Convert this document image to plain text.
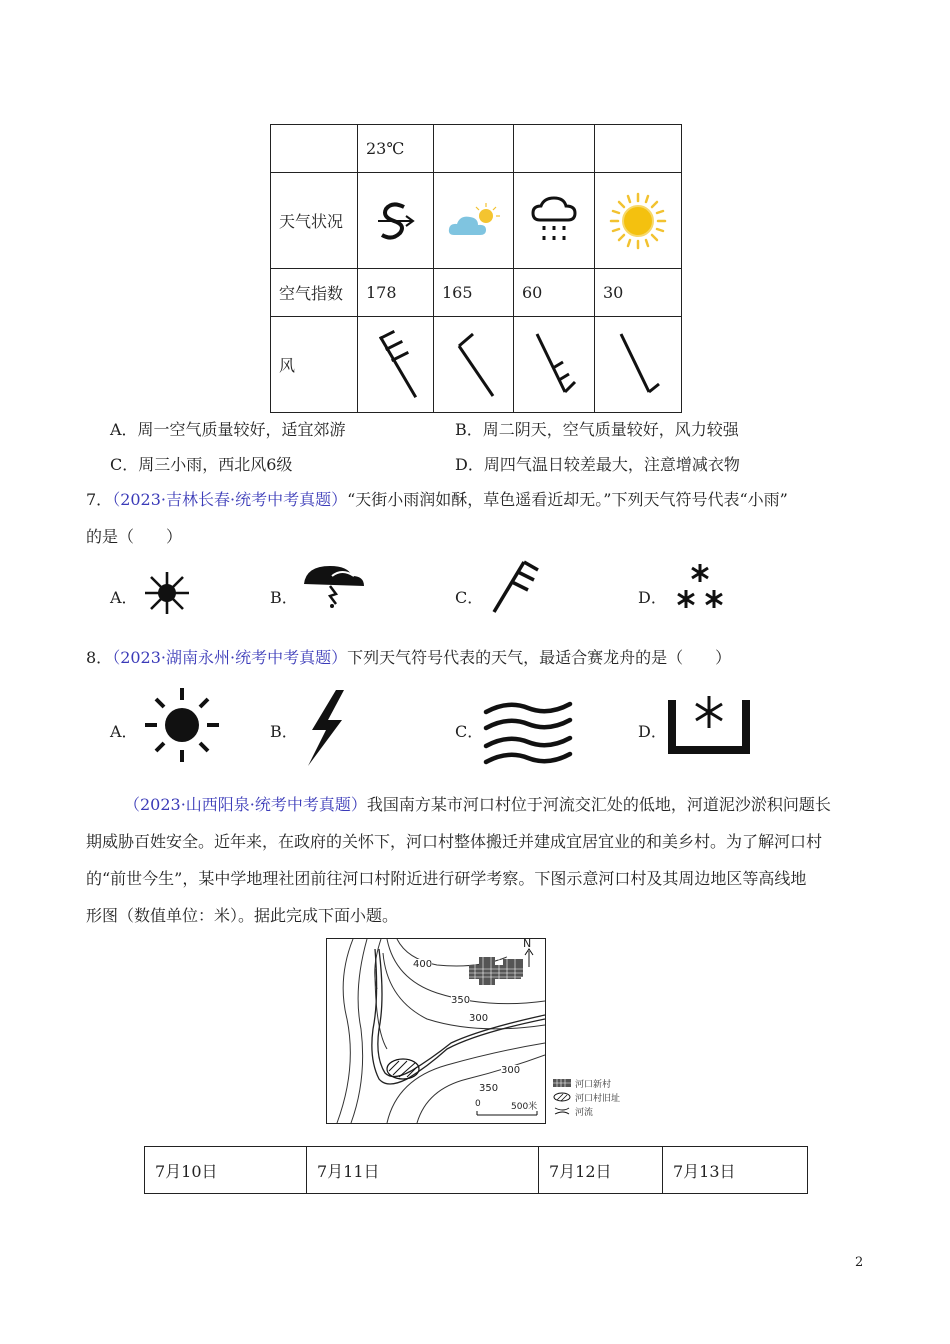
	23℃			
天气状况	

空气指数	178	165	60	30
风	

A．周一空气质量较好，适宜郊游	B．周二阴天，空气质量较好，风力较强
C．周三小雨，西北风6级	D．周四气温日较差最大，注意增减衣物
7．（2023·吉林长春·统考中考真题）“天街小雨润如酥，草色遥看近却无。”下列天气符号代表“小雨”
的是（　　）
A．	B．	C．	D．
8．（2023·湖南永州·统考中考真题）下列天气符号代表的天气，最适合赛龙舟的是（　　）
A．	B．	C．	D．
（2023·山西阳泉·统考中考真题）我国南方某市河口村位于河流交汇处的低地，河道泥沙淤积问题长
期威胁百姓安全。近年来，在政府的关怀下，河口村整体搬迁并建成宜居宜业的和美乡村。为了解河口村
的“前世今生”，某中学地理社团前往河口村附近进行研学考察。下图示意河口村及其周边地区等高线地
形图（数值单位：米）。据此完成下面小题。
N
400
350
300
300
350
0	500米
河口新村
河口村旧址
河流
7月10日	7月11日	7月12日	7月13日
2
